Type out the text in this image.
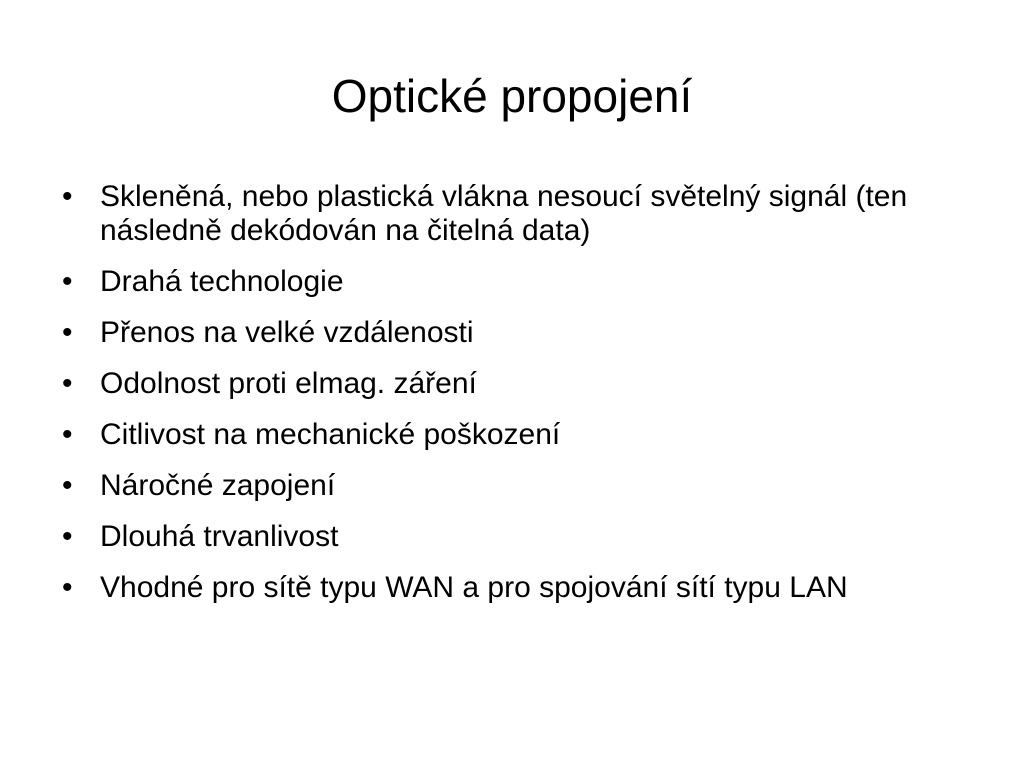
Optické propojení
• Skleněná, nebo plastická vlákna nesoucí světelný signál (ten následně dekódován na čitelná data)
• Drahá technologie
• Přenos na velké vzdálenosti
• Odolnost proti elmag. záření
• Citlivost na mechanické poškození
• Náročné zapojení
• Dlouhá trvanlivost
• Vhodné pro sítě typu WAN a pro spojování sítí typu LAN
